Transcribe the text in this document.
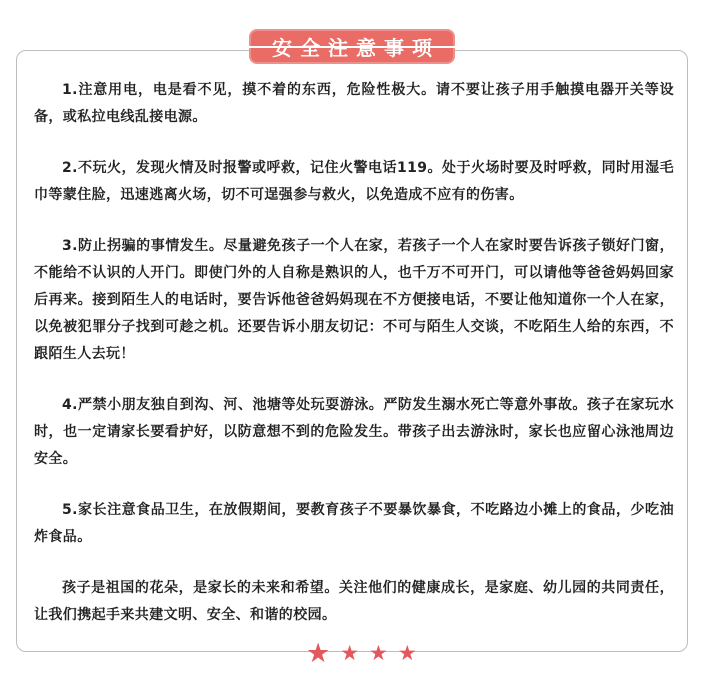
安全注意事项

1.注意用电，电是看不见，摸不着的东西，危险性极大。请不要让孩子用手触摸电器开关等设备，或私拉电线乱接电源。

2.不玩火，发现火情及时报警或呼救，记住火警电话119。处于火场时要及时呼救，同时用湿毛巾等蒙住脸，迅速逃离火场，切不可逞强参与救火，以免造成不应有的伤害。

3.防止拐骗的事情发生。尽量避免孩子一个人在家，若孩子一个人在家时要告诉孩子锁好门窗，不能给不认识的人开门。即使门外的人自称是熟识的人，也千万不可开门，可以请他等爸爸妈妈回家后再来。接到陌生人的电话时，要告诉他爸爸妈妈现在不方便接电话，不要让他知道你一个人在家，以免被犯罪分子找到可趁之机。还要告诉小朋友切记：不可与陌生人交谈，不吃陌生人给的东西，不跟陌生人去玩！

4.严禁小朋友独自到沟、河、池塘等处玩耍游泳。严防发生溺水死亡等意外事故。孩子在家玩水时，也一定请家长要看护好，以防意想不到的危险发生。带孩子出去游泳时，家长也应留心泳池周边安全。

5.家长注意食品卫生，在放假期间，要教育孩子不要暴饮暴食，不吃路边小摊上的食品，少吃油炸食品。

孩子是祖国的花朵，是家长的未来和希望。关注他们的健康成长，是家庭、幼儿园的共同责任，让我们携起手来共建文明、安全、和谐的校园。

★ ★ ★ ★
